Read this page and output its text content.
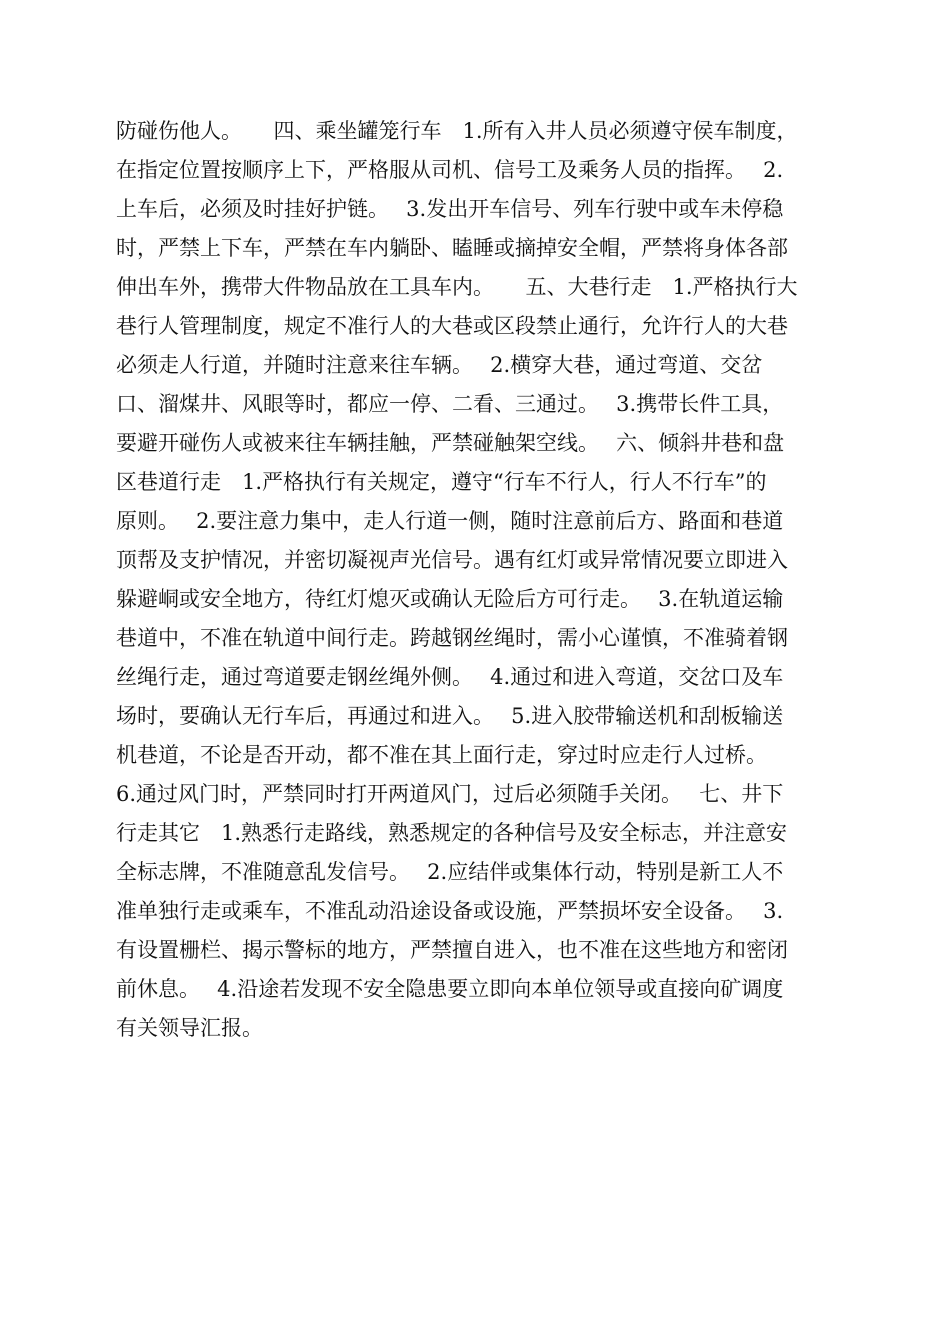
防碰伤他人。　　四、乘坐罐笼行车　1.所有入井人员必须遵守侯车制度，
在指定位置按顺序上下，严格服从司机、信号工及乘务人员的指挥。　 2.
上车后，必须及时挂好护链。　 3.发出开车信号、列车行驶中或车未停稳
时，严禁上下车，严禁在车内躺卧、瞌睡或摘掉安全帽，严禁将身体各部
伸出车外，携带大件物品放在工具车内。　　五、大巷行走　1.严格执行大
巷行人管理制度，规定不准行人的大巷或区段禁止通行，允许行人的大巷
必须走人行道，并随时注意来往车辆。　 2.横穿大巷，通过弯道、交岔
口、溜煤井、风眼等时，都应一停、二看、三通过。　 3.携带长件工具，
要避开碰伤人或被来往车辆挂触，严禁碰触架空线。　 六、倾斜井巷和盘
区巷道行走　1.严格执行有关规定，遵守“行车不行人，行人不行车”的
原则。　 2.要注意力集中，走人行道一侧，随时注意前后方、路面和巷道
顶帮及支护情况，并密切凝视声光信号。遇有红灯或异常情况要立即进入
躲避峒或安全地方，待红灯熄灭或确认无险后方可行走。　 3.在轨道运输
巷道中，不准在轨道中间行走。跨越钢丝绳时，需小心谨慎，不准骑着钢
丝绳行走，通过弯道要走钢丝绳外侧。　 4.通过和进入弯道，交岔口及车
场时，要确认无行车后，再通过和进入。　 5.进入胶带输送机和刮板输送
机巷道，不论是否开动，都不准在其上面行走，穿过时应走行人过桥。
6.通过风门时，严禁同时打开两道风门，过后必须随手关闭。　 七、井下
行走其它　1.熟悉行走路线，熟悉规定的各种信号及安全标志，并注意安
全标志牌，不准随意乱发信号。　 2.应结伴或集体行动，特别是新工人不
准单独行走或乘车，不准乱动沿途设备或设施，严禁损坏安全设备。　 3.
有设置栅栏、揭示警标的地方，严禁擅自进入，也不准在这些地方和密闭
前休息。　 4.沿途若发现不安全隐患要立即向本单位领导或直接向矿调度
有关领导汇报。
